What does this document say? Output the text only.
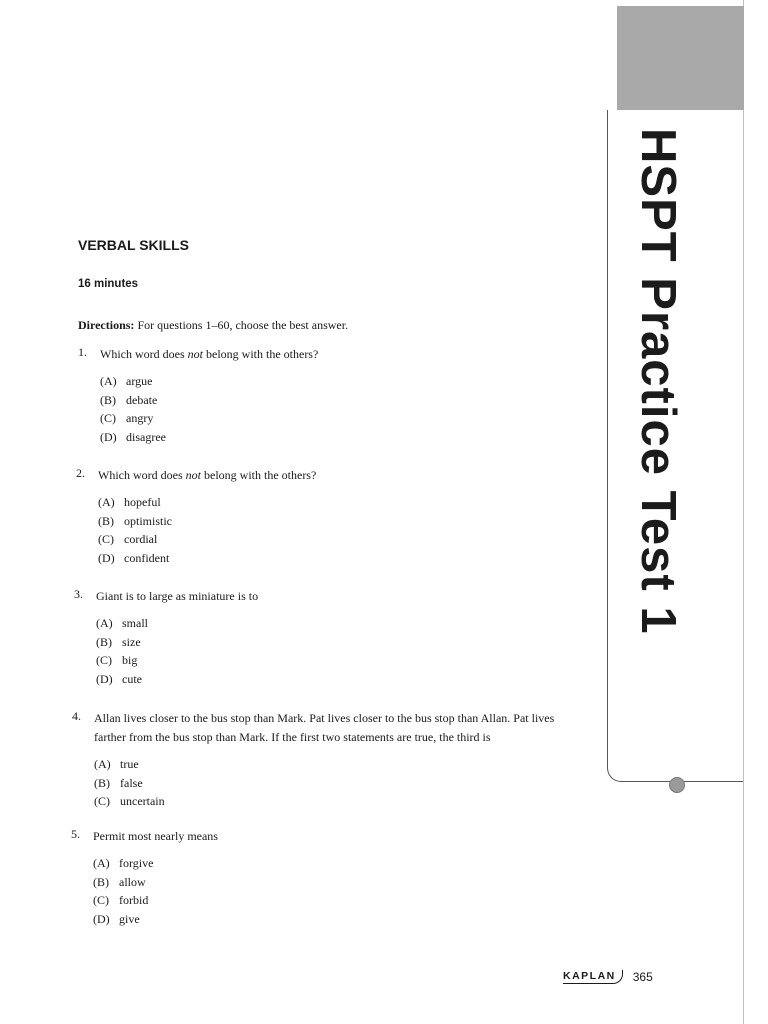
HSPT Practice Test 1
VERBAL SKILLS
16 minutes
Directions: For questions 1–60, choose the best answer.
1.	Which word does not belong with the others?
(A) argue
(B) debate
(C) angry
(D) disagree
2.	Which word does not belong with the others?
(A) hopeful
(B) optimistic
(C) cordial
(D) confident
3.	Giant is to large as miniature is to
(A) small
(B) size
(C) big
(D) cute
4.	Allan lives closer to the bus stop than Mark. Pat lives closer to the bus stop than Allan. Pat lives farther from the bus stop than Mark. If the first two statements are true, the third is
(A) true
(B) false
(C) uncertain
5.	Permit most nearly means
(A) forgive
(B) allow
(C) forbid
(D) give
KAPLAN	365
